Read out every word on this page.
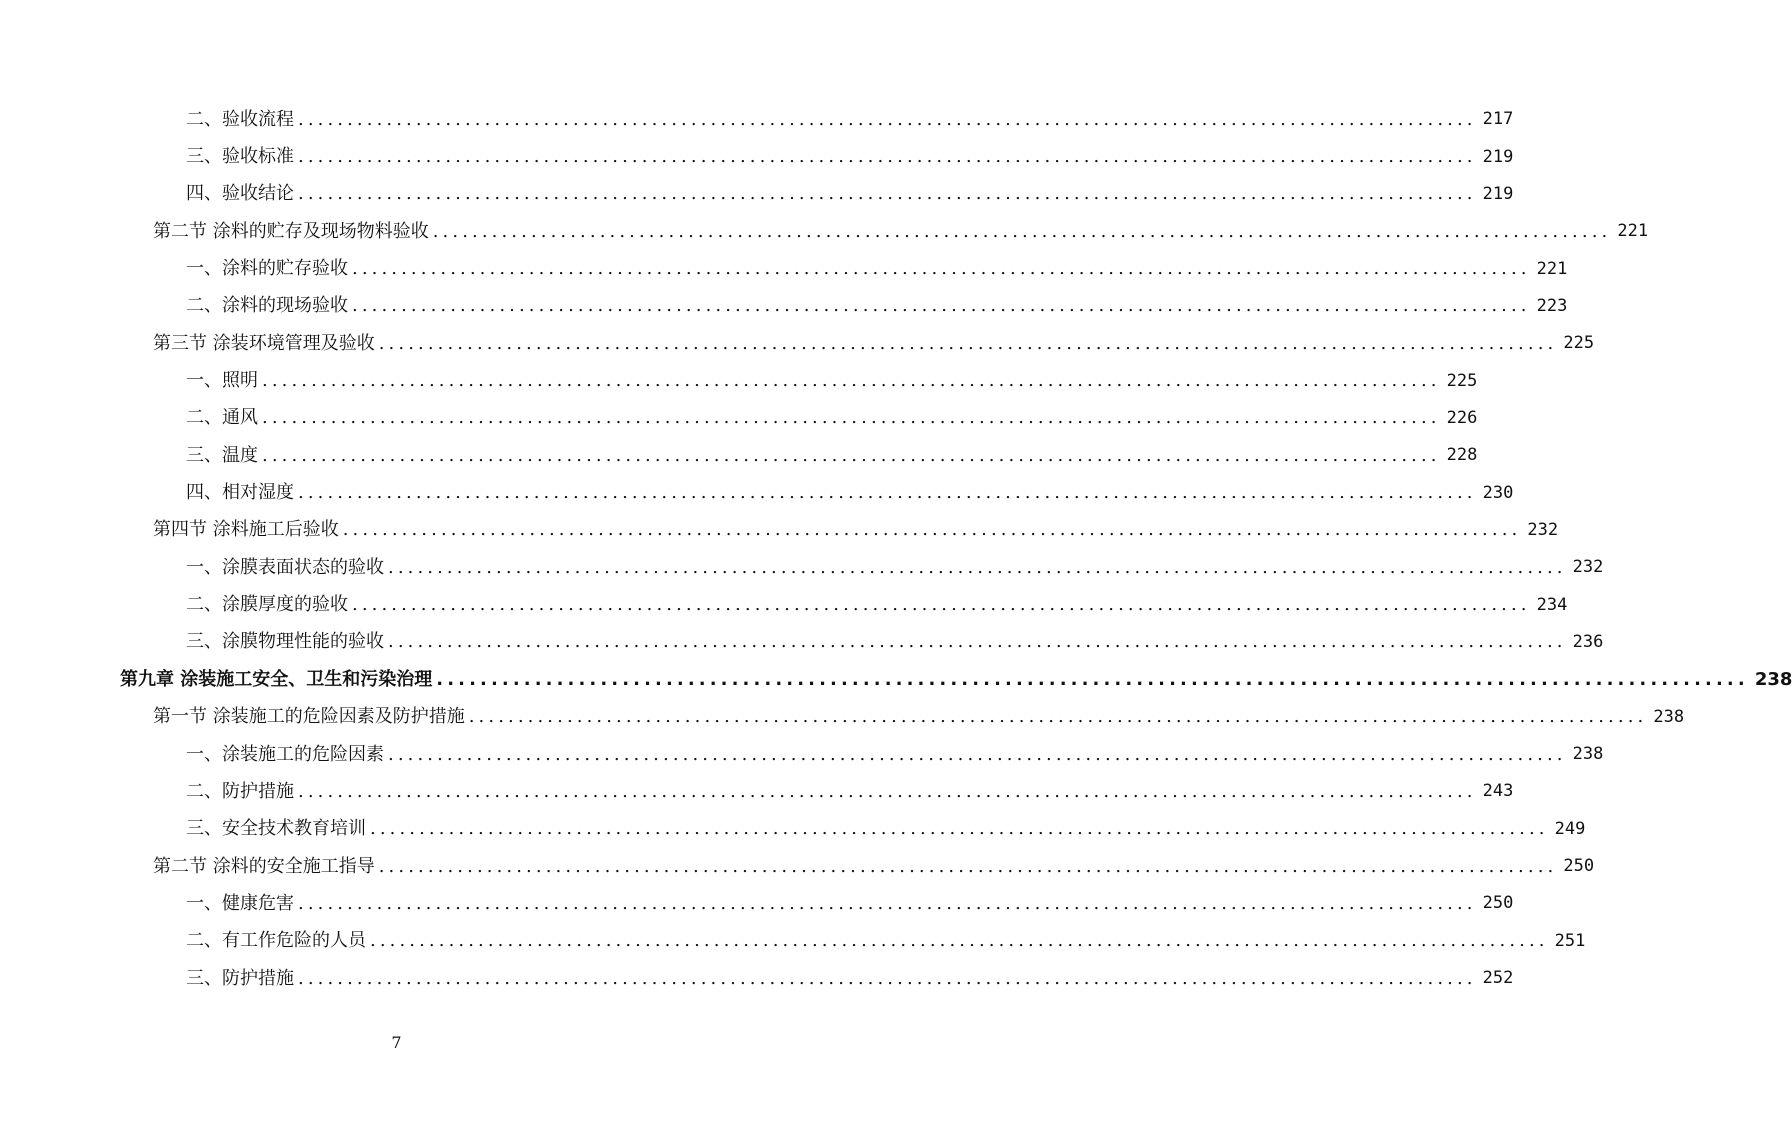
二、验收流程 ........................................................................................................................ 217
三、验收标准 ........................................................................................................................ 219
四、验收结论 ........................................................................................................................ 219
第二节 涂料的贮存及现场物料验收 ........................................................................................................................ 221
一、涂料的贮存验收 ........................................................................................................................ 221
二、涂料的现场验收 ........................................................................................................................ 223
第三节 涂装环境管理及验收 ........................................................................................................................ 225
一、照明 ........................................................................................................................ 225
二、通风 ........................................................................................................................ 226
三、温度 ........................................................................................................................ 228
四、相对湿度 ........................................................................................................................ 230
第四节 涂料施工后验收 ........................................................................................................................ 232
一、涂膜表面状态的验收 ........................................................................................................................ 232
二、涂膜厚度的验收 ........................................................................................................................ 234
三、涂膜物理性能的验收 ........................................................................................................................ 236
第九章 涂装施工安全、卫生和污染治理 ........................................................................................................................ 238
第一节 涂装施工的危险因素及防护措施 ........................................................................................................................ 238
一、涂装施工的危险因素 ........................................................................................................................ 238
二、防护措施 ........................................................................................................................ 243
三、安全技术教育培训 ........................................................................................................................ 249
第二节 涂料的安全施工指导 ........................................................................................................................ 250
一、健康危害 ........................................................................................................................ 250
二、有工作危险的人员 ........................................................................................................................ 251
三、防护措施 ........................................................................................................................ 252
7
